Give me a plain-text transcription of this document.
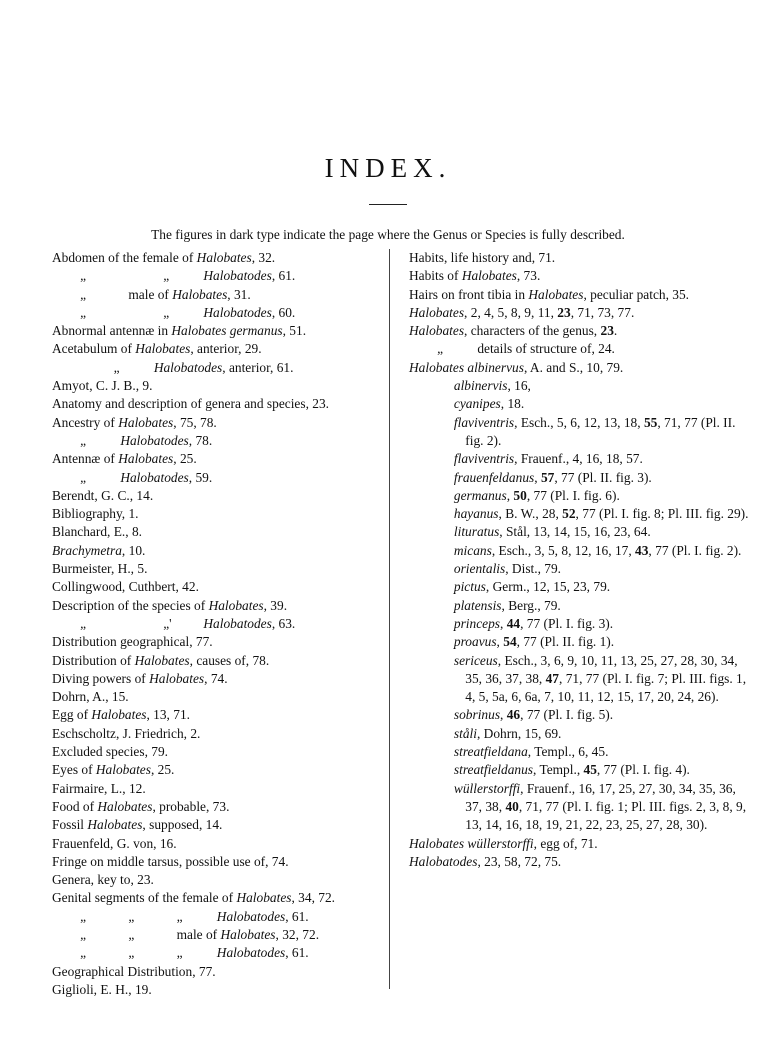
INDEX.
The figures in dark type indicate the page where the Genus or Species is fully described.
Abdomen of the female of Halobates, 32.
„	„	Halobatodes, 61.
„	male of Halobates, 31.
„	„	Halobatodes, 60.
Abnormal antennæ in Halobates germanus, 51.
Acetabulum of Halobates, anterior, 29.
„	Halobatodes, anterior, 61.
Amyot, C. J. B., 9.
Anatomy and description of genera and species, 23.
Ancestry of Halobates, 75, 78.
„	Halobatodes, 78.
Antennæ of Halobates, 25.
„	Halobatodes, 59.
Berendt, G. C., 14.
Bibliography, 1.
Blanchard, E., 8.
Brachymetra, 10.
Burmeister, H., 5.
Collingwood, Cuthbert, 42.
Description of the species of Halobates, 39.
„	„' Halobatodes, 63.
Distribution geographical, 77.
Distribution of Halobates, causes of, 78.
Diving powers of Halobates, 74.
Dohrn, A., 15.
Egg of Halobates, 13, 71.
Eschscholtz, J. Friedrich, 2.
Excluded species, 79.
Eyes of Halobates, 25.
Fairmaire, L., 12.
Food of Halobates, probable, 73.
Fossil Halobates, supposed, 14.
Frauenfeld, G. von, 16.
Fringe on middle tarsus, possible use of, 74.
Genera, key to, 23.
Genital segments of the female of Halobates, 34, 72.
„	„	„	Halobatodes, 61.
„	„	male of Halobates, 32, 72.
„	„	„	Halobatodes, 61.
Geographical Distribution, 77.
Giglioli, E. H., 19.
Habits, life history and, 71.
Habits of Halobates, 73.
Hairs on front tibia in Halobates, peculiar patch, 35.
Halobates, 2, 4, 5, 8, 9, 11, 23, 71, 73, 77.
Halobates, characters of the genus, 23.
„	details of structure of, 24.
Halobates albinervus, A. and S., 10, 79.
albinervis, 16,
cyanipes, 18.
flaviventris, Esch., 5, 6, 12, 13, 18, 55, 71, 77 (Pl. II. fig. 2).
flaviventris, Frauenf., 4, 16, 18, 57.
frauenfeldanus, 57, 77 (Pl. II. fig. 3).
germanus, 50, 77 (Pl. I. fig. 6).
hayanus, B. W., 28, 52, 77 (Pl. I. fig. 8; Pl. III. fig. 29).
lituratus, Stål, 13, 14, 15, 16, 23, 64.
micans, Esch., 3, 5, 8, 12, 16, 17, 43, 77 (Pl. I. fig. 2).
orientalis, Dist., 79.
pictus, Germ., 12, 15, 23, 79.
platensis, Berg., 79.
princeps, 44, 77 (Pl. I. fig. 3).
proavus, 54, 77 (Pl. II. fig. 1).
sericeus, Esch., 3, 6, 9, 10, 11, 13, 25, 27, 28, 30, 34, 35, 36, 37, 38, 47, 71, 77 (Pl. I. fig. 7; Pl. III. figs. 1, 4, 5, 5a, 6, 6a, 7, 10, 11, 12, 15, 17, 20, 24, 26).
sobrinus, 46, 77 (Pl. I. fig. 5).
ståli, Dohrn, 15, 69.
streatfieldana, Templ., 6, 45.
streatfieldanus, Templ., 45, 77 (Pl. I. fig. 4).
wüllerstorffi, Frauenf., 16, 17, 25, 27, 30, 34, 35, 36, 37, 38, 40, 71, 77 (Pl. I. fig. 1; Pl. III. figs. 2, 3, 8, 9, 13, 14, 16, 18, 19, 21, 22, 23, 25, 27, 28, 30).
Halobates wüllerstorffi, egg of, 71.
Halobatodes, 23, 58, 72, 75.
